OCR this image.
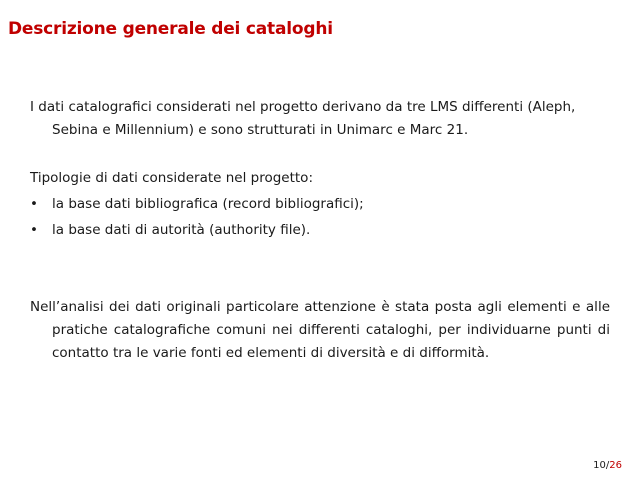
Descrizione generale dei cataloghi

I dati catalografici considerati nel progetto derivano da tre LMS differenti (Aleph, Sebina e Millennium) e sono strutturati in Unimarc e Marc 21.

Tipologie di dati considerate nel progetto:

• la base dati bibliografica (record bibliografici);
• la base dati di autorità (authority file).

Nell’analisi dei dati originali particolare attenzione è stata posta agli elementi e alle pratiche catalografiche comuni nei differenti cataloghi, per individuarne punti di contatto tra le varie fonti ed elementi di diversità e di difformità.

10/26
